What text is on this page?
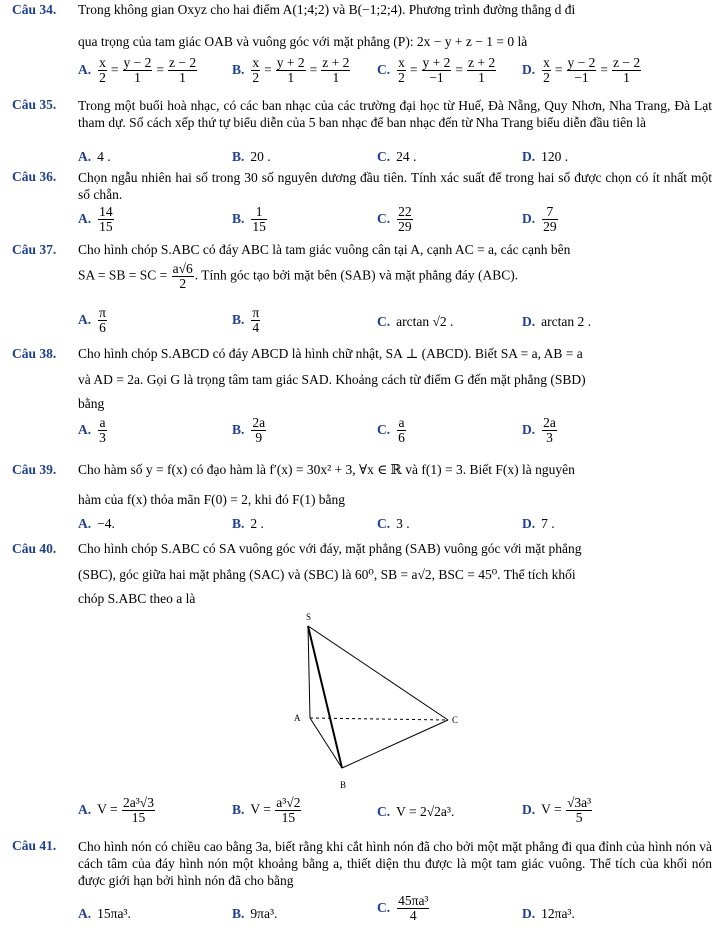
Câu 34. Trong không gian Oxyz cho hai điểm A(1;4;2) và B(−1;2;4). Phương trình đường thẳng d đi
qua trọng của tam giác OAB và vuông góc với mặt phẳng (P): 2x − y + z − 1 = 0 là
A. $\frac{x}{2} = \frac{y - 2}{1} = \frac{z - 2}{1}$	B. $\frac{x}{2} = \frac{y + 2}{1} = \frac{z + 2}{1} C$. $\frac{x}{2} = \frac{y + 2}{-1} = \frac{z + 2}{1} D$. $\frac{x}{2} = \frac{y - 2}{-1} = \frac{z - 2}{1}$
Câu 35. Trong một buổi hoà nhạc, có các ban nhạc của các trường đại học từ Huế, Đà Nẵng, Quy Nhơn, Nha Trang, Đà Lạt tham dự. Số cách xếp thứ tự biểu diễn của 5 ban nhạc để ban nhạc đến từ Nha Trang biểu diễn đầu tiên là
A. 4 .	B. 20 .	C. 24 .	D. 120 .
Câu 36. Chọn ngẫu nhiên hai số trong 30 số nguyên dương đầu tiên. Tính xác suất để trong hai số được chọn có ít nhất một số chẵn.
A. $\frac{14}{15}$	B. $\frac{1}{15}$	C. $\frac{22}{29}$	D. $\frac{7}{29}$
Câu 37. Cho hình chóp S.ABC có đáy ABC là tam giác vuông cân tại A, cạnh AC = a, các cạnh bên
SA = SB = SC = $\frac{a√6}{2}$ . Tính góc tạo bởi mặt bên (SAB) và mặt phẳng đáy (ABC).
A. $\frac{\pi}{6}$	B. $\frac{\pi}{4}$	C. arctan √2 .	D. arctan 2 .
Câu 38. Cho hình chóp S.ABCD có đáy ABCD là hình chữ nhật, SA ⊥ (ABCD). Biết SA = a, AB = a
và AD = 2a. Gọi G là trọng tâm tam giác SAD. Khoảng cách từ điểm G đến mặt phẳng (SBD)
bằng
A. $\frac{a}{3}$	B. $\frac{2a}{9}$	C. $\frac{a}{6}$	D. $\frac{2a}{3}$
Câu 39. Cho hàm số y = f(x) có đạo hàm là f′(x) = 30x² + 3, ∀x ∈ ℝ và f(1) = 3. Biết F(x) là nguyên
hàm của f(x) thỏa mãn F(0) = 2, khi đó F(1) bằng
A. −4.	B. 2 .	C. 3 .	D. 7 .
Câu 40. Cho hình chóp S.ABC có SA vuông góc với đáy, mặt phẳng (SAB) vuông góc với mặt phẳng
(SBC), góc giữa hai mặt phẳng (SAC) và (SBC) là 60⁰, SB = a√2, BSC = 45⁰. Thể tích khối
chóp S.ABC theo a là
S
A	C
B
A. $V = \frac{\text{2a³√3}}{15}$	B. $V = \frac{\text{a³√2}}{15}$	C. V = 2√2a³.	D. $V = \frac{\text{√3a³}}{5}$
Câu 41. Cho hình nón có chiều cao bằng 3a, biết rằng khi cắt hình nón đã cho bởi một mặt phẳng đi qua đỉnh của hình nón và cách tâm của đáy hình nón một khoảng bằng a, thiết diện thu được là một tam giác vuông. Thể tích của khối nón được giới hạn bởi hình nón đã cho bằng
A. 15πa³.	B. 9πa³.	C. $\frac{\text{45πa³}}{4}$	D. 12πa³.
